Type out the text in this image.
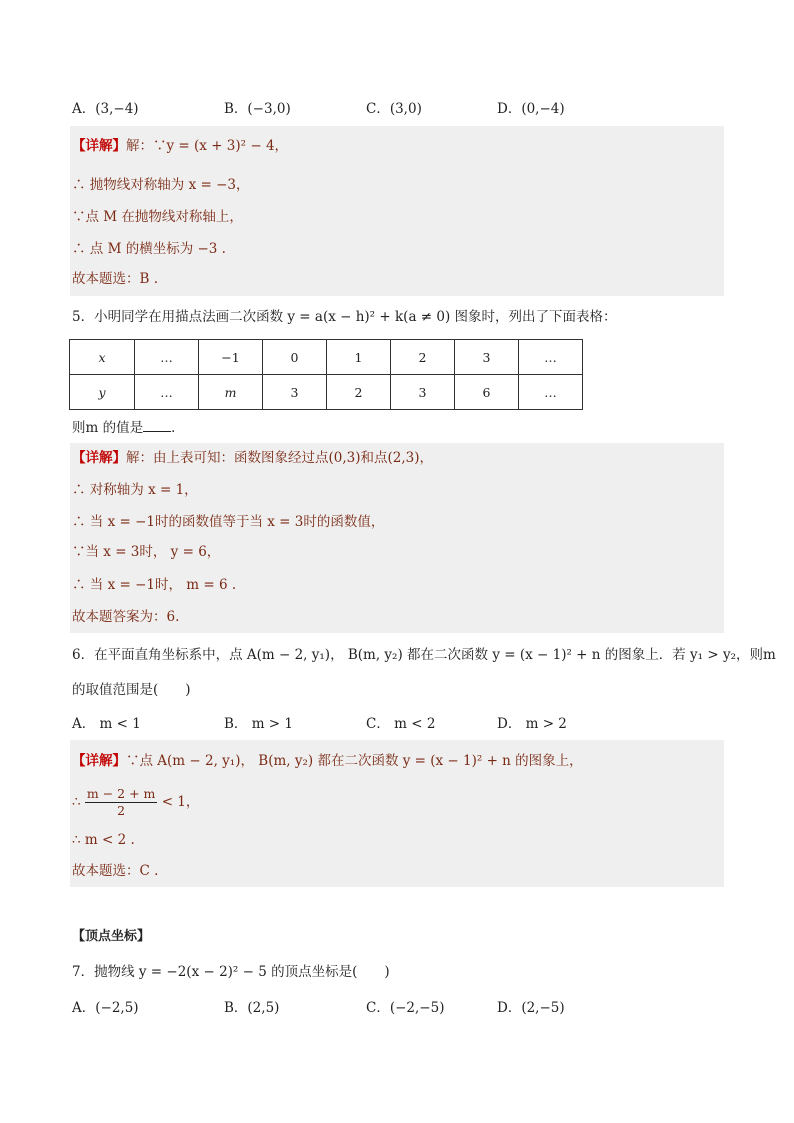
A．(3,−4)	B．(−3,0)	C．(3,0)	D．(0,−4)
【详解】解：∵y = (x + 3)² − 4，
∴ 抛物线对称轴为 x = −3，
∵点 M 在抛物线对称轴上，
∴ 点 M 的横坐标为 −3 .
故本题选：B .
5．小明同学在用描点法画二次函数 y = a(x − h)² + k(a ≠ 0) 图象时，列出了下面表格：
x	…	−1	0	1	2	3	…
y	…	m	3	2	3	6	…
则m 的值是 ．
【详解】解：由上表可知：函数图象经过点(0,3)和点(2,3)，
∴ 对称轴为 x = 1，
∴ 当 x = −1时的函数值等于当 x = 3时的函数值，
∵当 x = 3时， y = 6，
∴ 当 x = −1时， m = 6 .
故本题答案为：6.
6．在平面直角坐标系中，点 A(m − 2, y₁)， B(m, y₂) 都在二次函数 y = (x − 1)² + n 的图象上．若 y₁ > y₂，则m
的取值范围是(　　)
A． m < 1	B． m > 1	C． m < 2	D． m > 2
【详解】∵点 A(m − 2, y₁)， B(m, y₂) 都在二次函数 y = (x − 1)² + n 的图象上，
∴ $\frac{m - 2 + m}{2} < 1$，
∴ m < 2 .
故本题选：C .
【顶点坐标】
7．抛物线 y = −2(x − 2)² − 5 的顶点坐标是(　　)
A．(−2,5)	B．(2,5)	C．(−2,−5)	D．(2,−5)
